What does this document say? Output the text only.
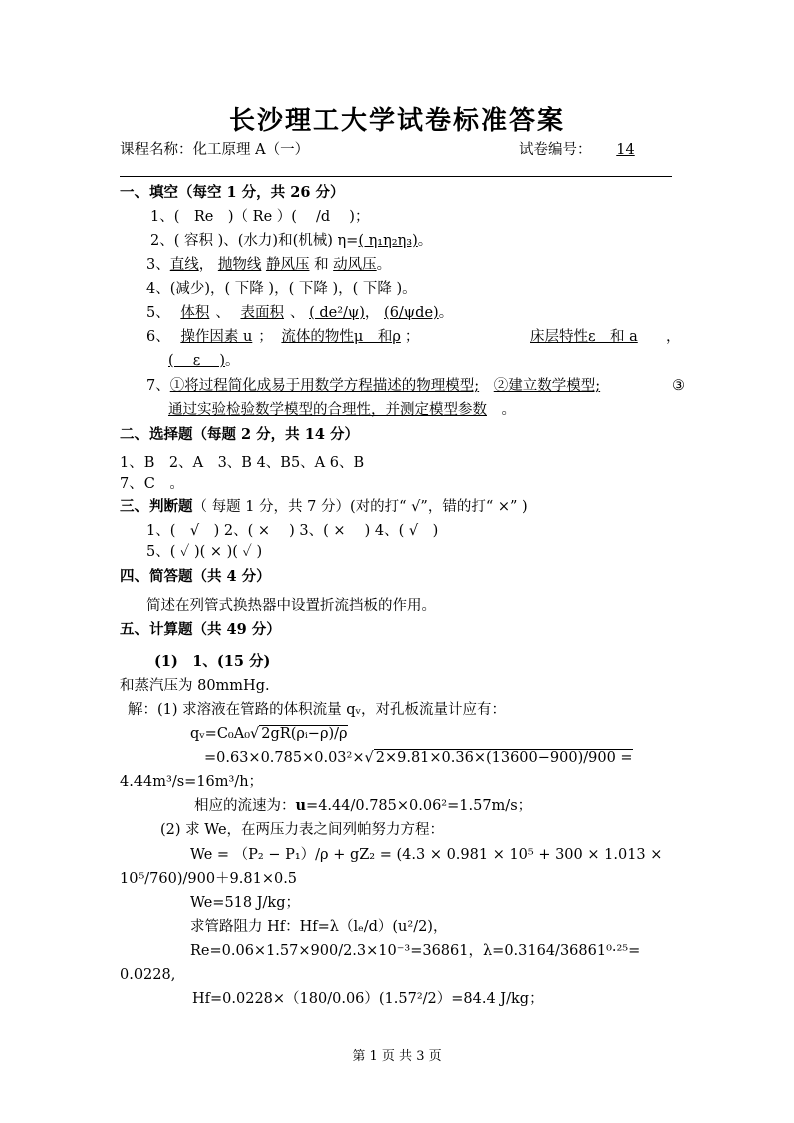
长沙理工大学试卷标准答案
课程名称：化工原理 A（一）	试卷编号： 14
一、填空（每空 1 分，共 26 分）
1、(　Re　)（ Re ）(　 /d　 )；
2、( 容积 )、(水力)和(机械) η=( η₁η₂η₃)。
3、直线， 抛物线 静风压 和 动风压。
4、(减少)，( 下降 )，( 下降 )，( 下降 )。
5、 体积 、 表面积 、 ( de²/ψ)， (6/ψde)。
6、 操作因素 u ； 流体的物性μ　和ρ ；	床层特性ε　和 a ，
(　 ε　 )。
7、①将过程简化成易于用数学方程描述的物理模型; ②建立数学模型;	③
通过实验检验数学模型的合理性，并测定模型参数　。
二、选择题（每题 2 分，共 14 分）
1、B　2、A　3、B 4、B5、A 6、B
7、C　。
三、判断题（ 每题 1 分，共 7 分）(对的打“ √”，错的打“ ×” )
1、(　√　) 2、( ×　 ) 3、( ×　 ) 4、( √　)
5、( ✓ )( × )( ✓ )
四、简答题（共 4 分）
简述在列管式换热器中设置折流挡板的作用。
五、计算题（共 49 分）
(1)　1、(15 分)
和蒸汽压为 80mmHg.
解：(1) 求溶液在管路的体积流量 qᵥ，对孔板流量计应有：
qᵥ=C₀A₀√ 2gR(ρᵢ−ρ)/ρ
=0.63×0.785×0.03²×√ 2×9.81×0.36×(13600−900)/900 =
4.44m³/s=16m³/h；
相应的流速为：u=4.44/0.785×0.06²=1.57m/s；
(2) 求 We，在两压力表之间列帕努力方程：
We = （P₂ − P₁）/ρ + gZ₂ = (4.3 × 0.981 × 10⁵ + 300 × 1.013 ×
10⁵/760)/900＋9.81×0.5
We=518 J/kg；
求管路阻力 Hf：Hf=λ（lₑ/d）(u²/2)，
Re=0.06×1.57×900/2.3×10⁻³=36861，λ=0.3164/36861⁰·²⁵=
0.0228,
Hf=0.0228×（180/0.06）(1.57²/2）=84.4 J/kg；
第 1 页 共 3 页
